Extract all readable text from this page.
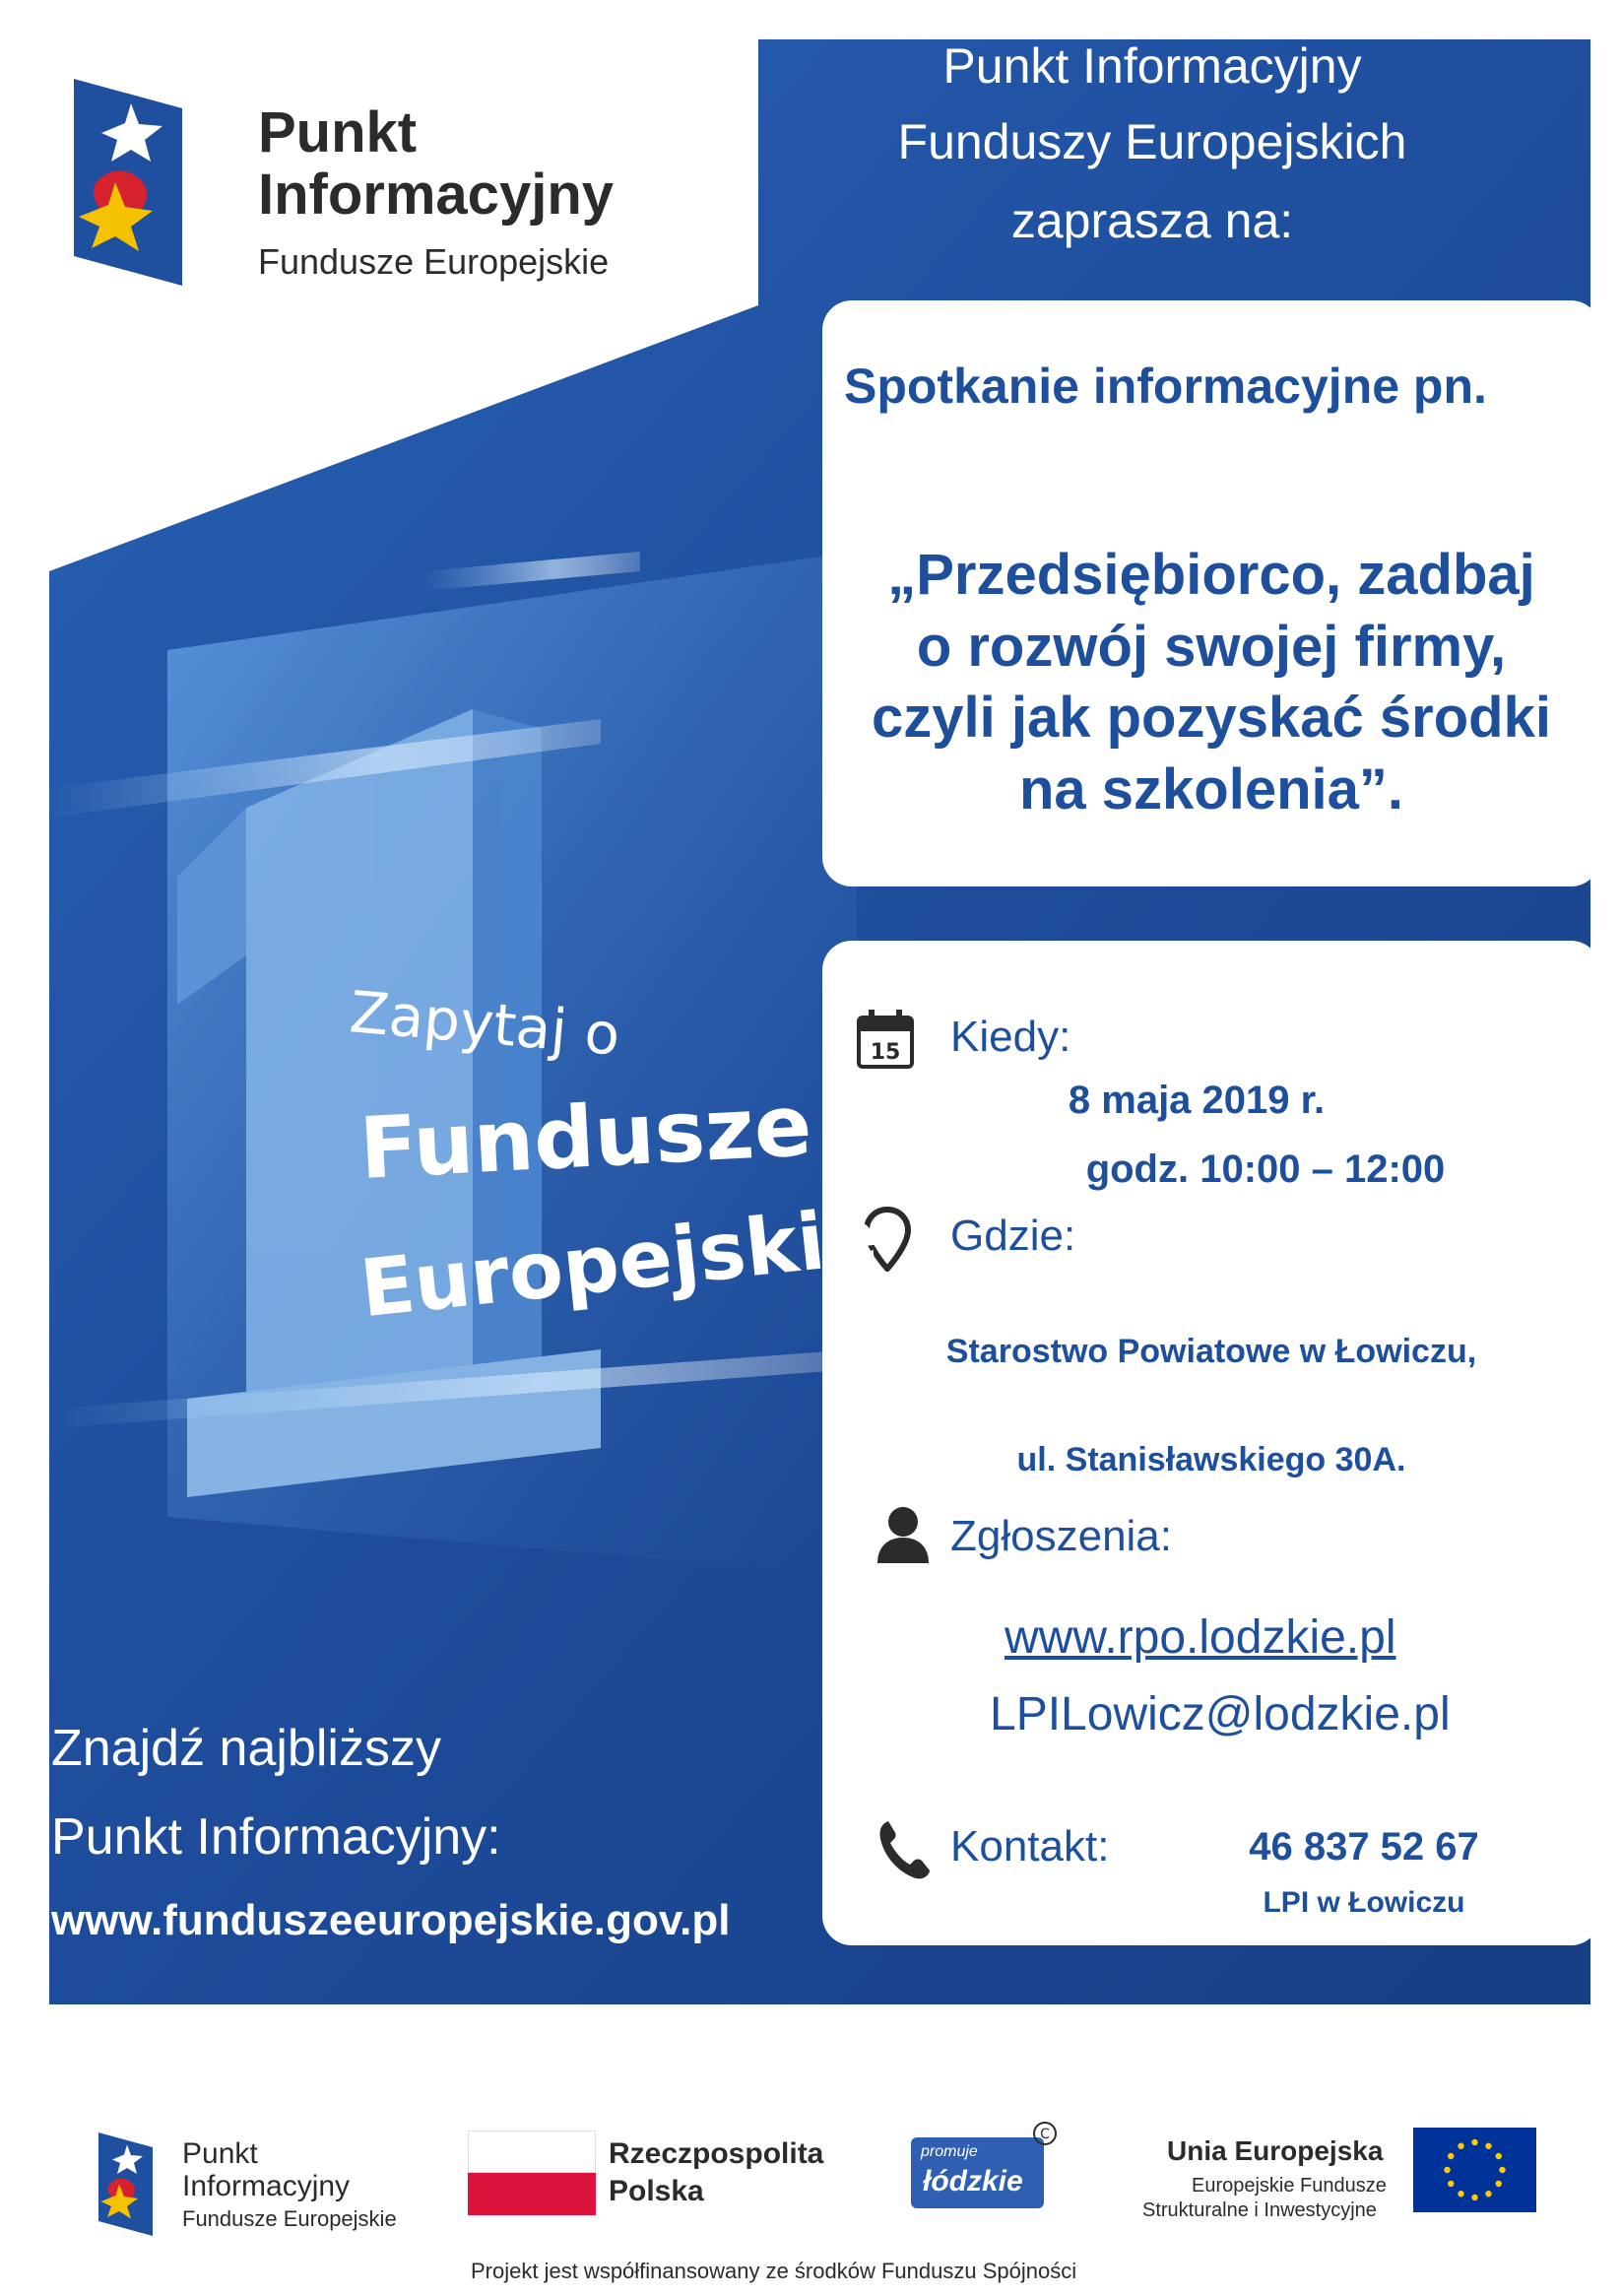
Punkt
Informacyjny
Fundusze Europejskie
Punkt Informacyjny
Funduszy Europejskich
zaprasza na:
Spotkanie informacyjne pn.
„Przedsiębiorco, zadbaj
o rozwój swojej firmy,
czyli jak pozyskać środki
na szkolenia”.
15 Kiedy:
8 maja 2019 r.
godz. 10:00 – 12:00
Gdzie:
Starostwo Powiatowe w Łowiczu,
ul. Stanisławskiego 30A.
Zgłoszenia:
www.rpo.lodzkie.pl
LPILowicz@lodzkie.pl
Kontakt:	46 837 52 67
LPI w Łowiczu
Zapytaj o
Fundusze
Europejskie
Znajdź najbliższy
Punkt Informacyjny:
www.funduszeeuropejskie.gov.pl
Punkt
Informacyjny
Fundusze Europejskie
Rzeczpospolita
Polska
promuje
łódzkie
C
Unia Europejska
Europejskie Fundusze
Strukturalne i Inwestycyjne
Projekt jest współfinansowany ze środków Funduszu Spójności
